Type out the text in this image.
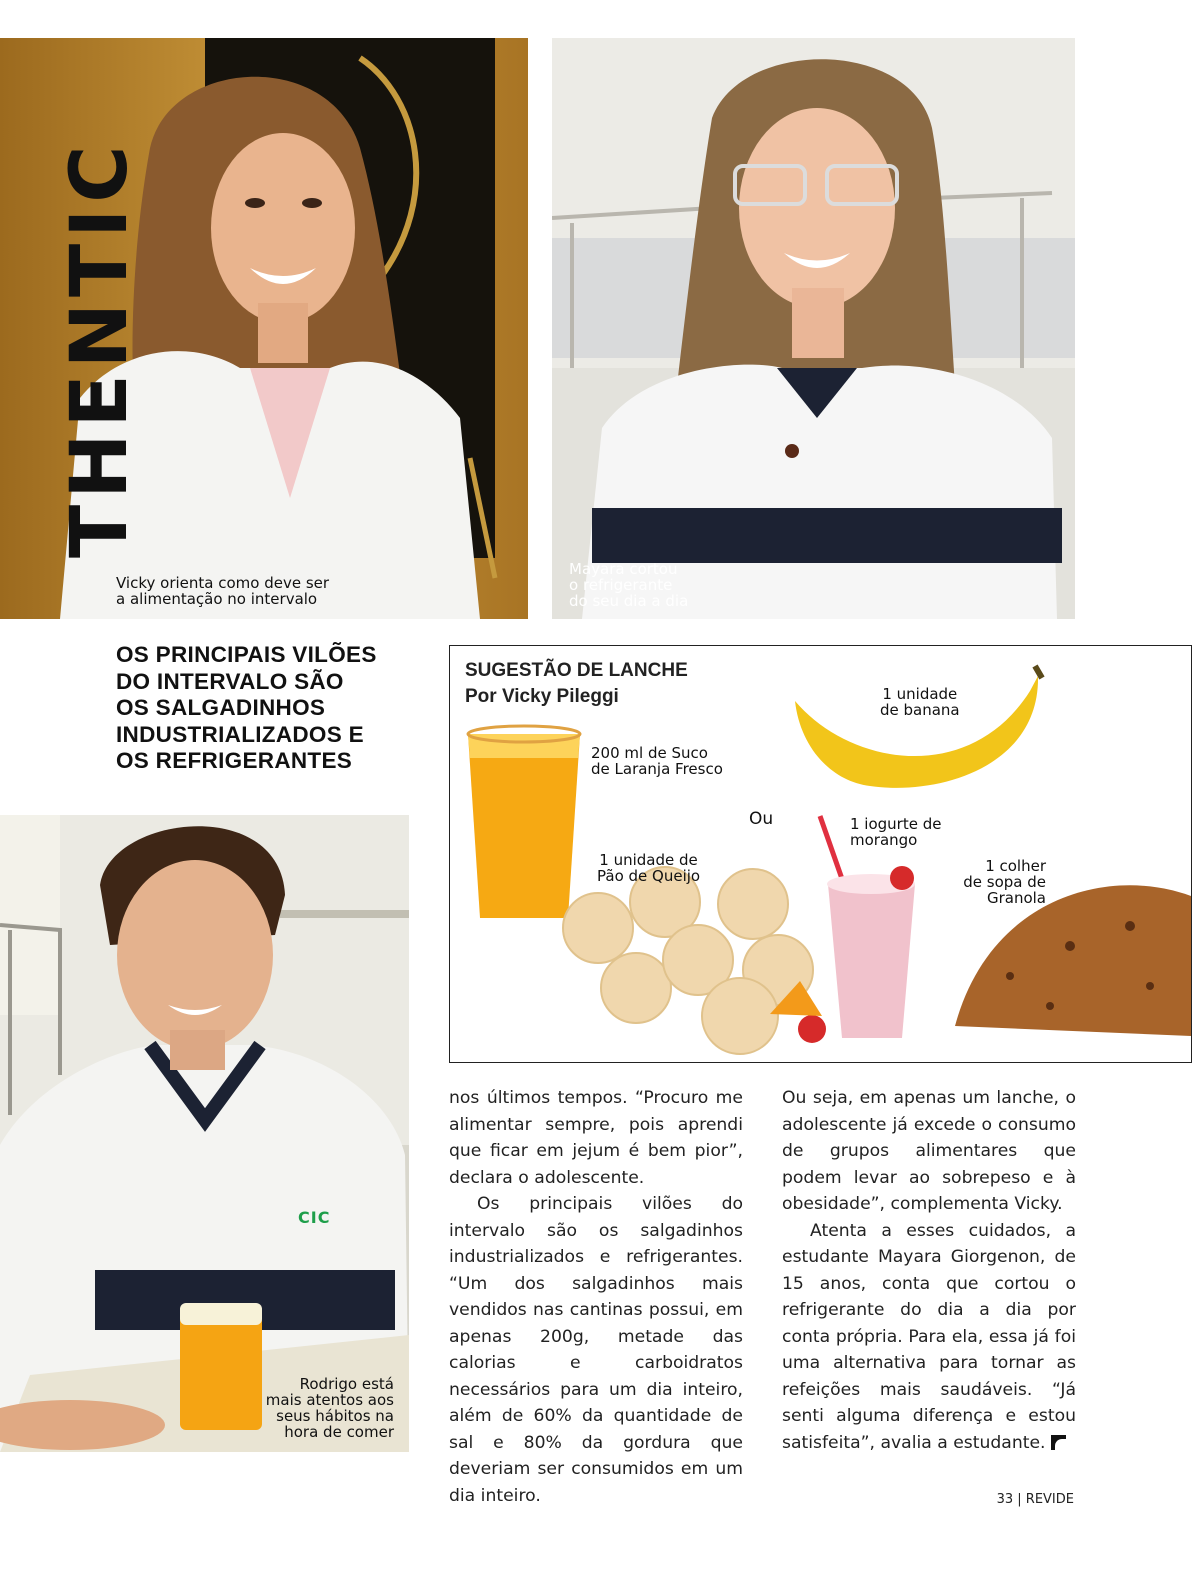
THENTIC
Vicky orienta como deve ser
a alimentação no intervalo
Mayara cortou
o refrigerante
do seu dia a dia
OS PRINCIPAIS VILÕES
DO INTERVALO SÃO
OS SALGADINHOS
INDUSTRIALIZADOS E
OS REFRIGERANTES
CIC
Rodrigo está
mais atentos aos
seus hábitos na
hora de comer
SUGESTÃO DE LANCHE
Por Vicky Pileggi
200 ml de Suco
de Laranja Fresco
1 unidade de
Pão de Queijo
Ou
1 unidade
de banana
1 iogurte de
morango
1 colher
de sopa de
Granola

nos últimos tempos. “Procuro me alimentar sempre, pois aprendi que ficar em jejum é bem pior”, declara o adolescente.

Os principais vilões do intervalo são os salgadinhos industrializados e refrigerantes. “Um dos salgadinhos mais vendidos nas cantinas possui, em apenas 200g, metade das calorias e carboidratos necessários para um dia inteiro, além de 60% da quantidade de sal e 80% da gordura que deveriam ser consumidos em um dia inteiro.

Ou seja, em apenas um lanche, o adolescente já excede o consumo de grupos alimentares que podem levar ao sobrepeso e à obesidade”, complementa Vicky.

Atenta a esses cuidados, a estudante Mayara Giorgenon, de 15 anos, conta que cortou o refrigerante do dia a dia por conta própria. Para ela, essa já foi uma alternativa para tornar as refeições mais saudáveis. “Já senti alguma diferença e estou satisfeita”, avalia a estudante.

33 | REVIDE
